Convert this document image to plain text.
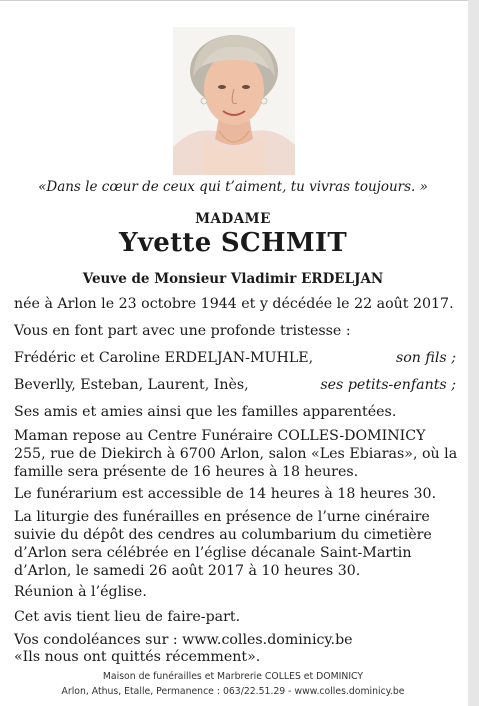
«Dans le cœur de ceux qui t’aiment, tu vivras toujours. »
MADAME
Yvette SCHMIT
Veuve de Monsieur Vladimir ERDELJAN
née à Arlon le 23 octobre 1944 et y décédée le 22 août 2017.
Vous en font part avec une profonde tristesse :
Frédéric et Caroline ERDELJAN-MUHLE,	son fils ;
Beverlly, Esteban, Laurent, Inès,	ses petits-enfants ;
Ses amis et amies ainsi que les familles apparentées.
Maman repose au Centre Funéraire COLLES-DOMINICY
255, rue de Diekirch à 6700 Arlon, salon «Les Ebiaras», où la
famille sera présente de 16 heures à 18 heures.
Le funérarium est accessible de 14 heures à 18 heures 30.
La liturgie des funérailles en présence de l’urne cinéraire
suivie du dépôt des cendres au columbarium du cimetière
d’Arlon sera célébrée en l’église décanale Saint-Martin
d’Arlon, le samedi 26 août 2017 à 10 heures 30.
Réunion à l’église.
Cet avis tient lieu de faire-part.
Vos condoléances sur : www.colles.dominicy.be
«Ils nous ont quittés récemment».
Maison de funérailles et Marbrerie COLLES et DOMINICY
Arlon, Athus, Etalle, Permanence : 063/22.51.29 - www.colles.dominicy.be
